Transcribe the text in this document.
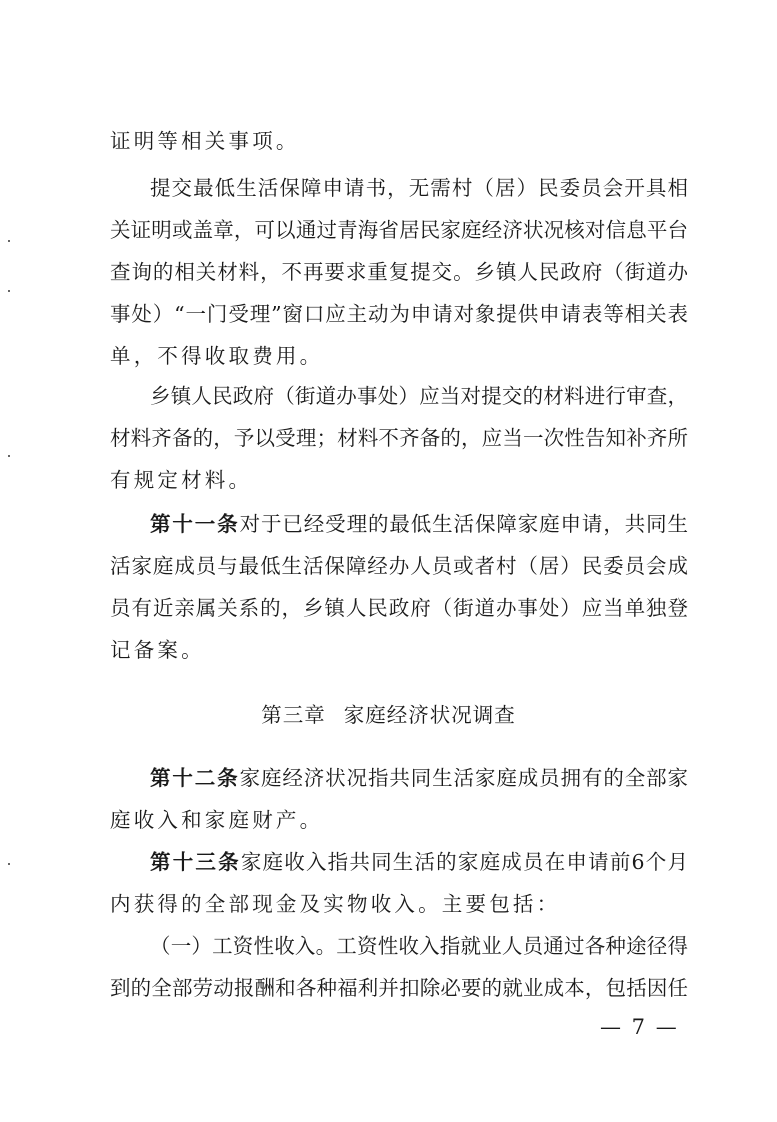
证明等相关事项。
提交最低生活保障申请书，无需村（居）民委员会开具相
关证明或盖章，可以通过青海省居民家庭经济状况核对信息平台
查询的相关材料，不再要求重复提交。乡镇人民政府（街道办
事处）“一门受理”窗口应主动为申请对象提供申请表等相关表
单，不得收取费用。
乡镇人民政府（街道办事处）应当对提交的材料进行审查，
材料齐备的，予以受理；材料不齐备的，应当一次性告知补齐所
有规定材料。
第十一条对于已经受理的最低生活保障家庭申请，共同生
活家庭成员与最低生活保障经办人员或者村（居）民委员会成
员有近亲属关系的，乡镇人民政府（街道办事处）应当单独登
记备案。
第三章 家庭经济状况调查
第十二条家庭经济状况指共同生活家庭成员拥有的全部家
庭收入和家庭财产。
第十三条家庭收入指共同生活的家庭成员在申请前6个月
内获得的全部现金及实物收入。主要包括：
（一）工资性收入。工资性收入指就业人员通过各种途径得
到的全部劳动报酬和各种福利并扣除必要的就业成本，包括因任
— 7 —
